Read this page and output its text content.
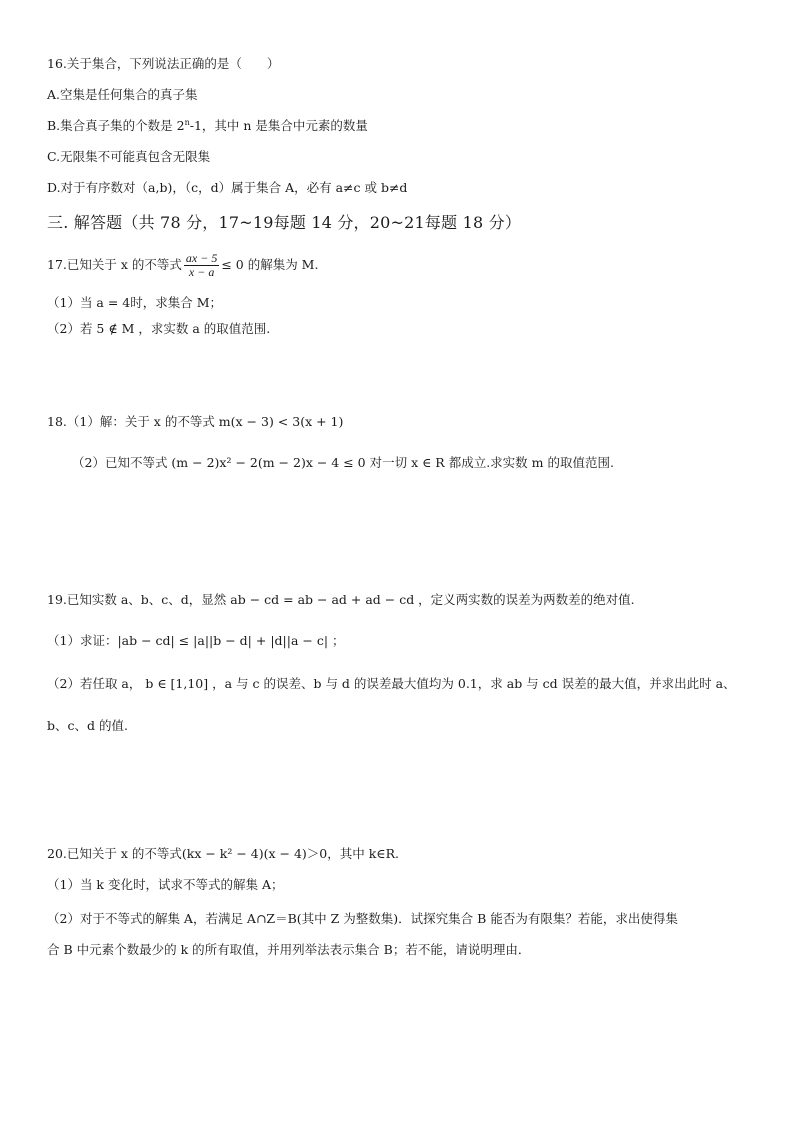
16.关于集合，下列说法正确的是（　　）
A.空集是任何集合的真子集
B.集合真子集的个数是 2$^n$-1，其中 n 是集合中元素的数量
C.无限集不可能真包含无限集
D.对于有序数对（a,b)，（c，d）属于集合 A，必有 a≠c 或 b≠d
三. 解答题（共 78 分，17~19每题 14 分，20~21每题 18 分）
17.已知关于 x 的不等式 $\frac{ax - 5}{x - a} \le 0$ 的解集为 M.
（1）当 a = 4时，求集合 M；
（2）若 5 ∉ M ，求实数 a 的取值范围.
18.（1）解：关于 x 的不等式 m(x − 3) < 3(x + 1)
（2）已知不等式 (m − 2)x² − 2(m − 2)x − 4 ≤ 0 对一切 x ∈ R 都成立.求实数 m 的取值范围.
19.已知实数 a、b、c、d，显然 ab − cd = ab − ad + ad − cd ，定义两实数的误差为两数差的绝对值.
（1）求证：|ab − cd| ≤ |a||b − d| + |d||a − c| ；
（2）若任取 a， b ∈ [1,10] ，a 与 c 的误差、b 与 d 的误差最大值均为 0.1，求 ab 与 cd 误差的最大值，并求出此时 a、
b、c、d 的值.
20.已知关于 x 的不等式(kx − k² − 4)(x − 4)＞0，其中 k∈R.
（1）当 k 变化时，试求不等式的解集 A；
（2）对于不等式的解集 A，若满足 A∩Z＝B(其中 Z 为整数集)．试探究集合 B 能否为有限集？若能，求出使得集
合 B 中元素个数最少的 k 的所有取值，并用列举法表示集合 B；若不能，请说明理由．
